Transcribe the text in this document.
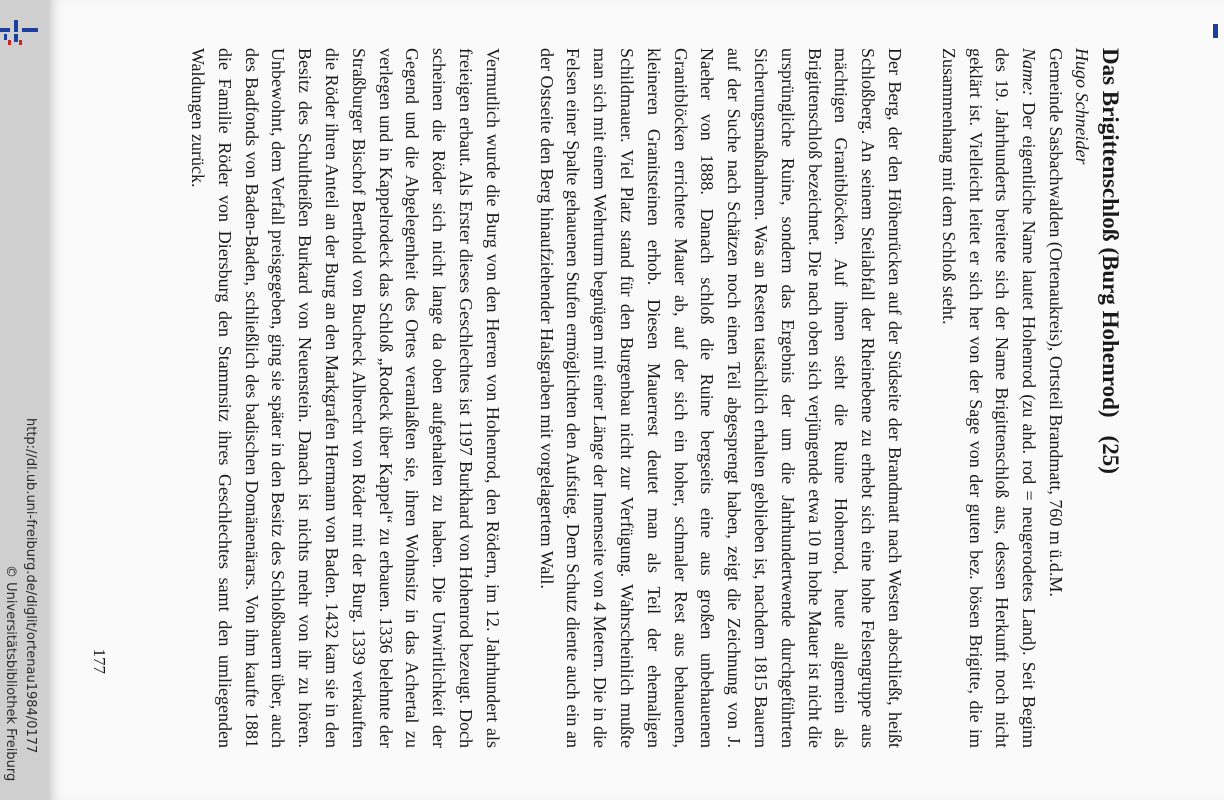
http://dl.ub.uni-freiburg.de/diglit/ortenau1984/0177
© Universitätsbibliothek Freiburg
Das Brigittenschloß (Burg Hohenrod)(25)

Hugo Schneider

Gemeinde Sasbachwalden (Ortenaukreis), Ortsteil Brandmatt, 760 m ü.d.M.

Name: Der eigentliche Name lautet Hohenrod (zu ahd. rod = neugerodetes Land). Seit Beginn des 19. Jahrhunderts breitete sich der Name Brigittenschloß aus, dessen Herkunft noch nicht geklärt ist. Vielleicht leitet er sich her von der Sage von der guten bez. bösen Brigitte, die im Zusammenhang mit dem Schloß steht.

Der Berg, der den Höhenrücken auf der Südseite der Brandmatt nach Westen abschließt, heißt Schloßberg. An seinem Steilabfall der Rheinebene zu erhebt sich eine hohe Felsengruppe aus mächtigen Granitblöcken. Auf ihnen steht die Ruine Hohenrod, heute allgemein als Brigittenschloß bezeichnet. Die nach oben sich verjüngende etwa 10 m hohe Mauer ist nicht die ursprüngliche Ruine, sondern das Ergebnis der um die Jahrhundertwende durchgeführten Sicherungsmaßnahmen. Was an Resten tatsächlich erhalten geblieben ist, nachdem 1815 Bauern auf der Suche nach Schätzen noch einen Teil abgesprengt haben, zeigt die Zeichnung von J. Naeher von 1888. Danach schloß die Ruine bergseits eine aus großen unbehauenen Granitblöcken errichtete Mauer ab, auf der sich ein hoher, schmaler Rest aus behauenen, kleineren Granitsteinen erhob. Diesen Mauerrest deutet man als Teil der ehemaligen Schildmauer. Viel Platz stand für den Burgenbau nicht zur Verfügung. Wahrscheinlich mußte man sich mit einem Wehrturm begnügen mit einer Länge der Innenseite von 4 Metern. Die in die Felsen einer Spalte gehauenen Stufen ermöglichten den Aufstieg. Dem Schutz diente auch ein an der Ostseite den Berg hinaufziehender Halsgraben mit vorgelagertem Wall.

Vermutlich wurde die Burg von den Herren von Hohenrod, den Rödern, im 12. Jahrhundert als freieigen erbaut. Als Erster dieses Geschlechtes ist 1197 Burkhard von Hohenrod bezeugt. Doch scheinen die Röder sich nicht lange da oben aufgehalten zu haben. Die Unwirtlichkeit der Gegend und die Abgelegenheit des Ortes veranlaßten sie, ihren Wohnsitz in das Achertal zu verlegen und in Kappelrodeck das Schloß „Rodeck über Kappel“ zu erbauen. 1336 belehnte der Straßburger Bischof Berthold von Bucheck Albrecht von Röder mit der Burg. 1339 verkauften die Röder ihren Anteil an der Burg an den Markgrafen Hermann von Baden. 1432 kam sie in den Besitz des Schultheißen Burkard von Neuenstein. Danach ist nichts mehr von ihr zu hören. Unbewohnt, dem Verfall preisgegeben, ging sie später in den Besitz des Schloßbauern über, auch des Badfonds von Baden-Baden, schließlich des badischen Domänenärars. Von ihm kaufte 1881 die Familie Röder von Diersburg den Stammsitz ihres Geschlechtes samt den umliegenden Waldungen zurück.

177
